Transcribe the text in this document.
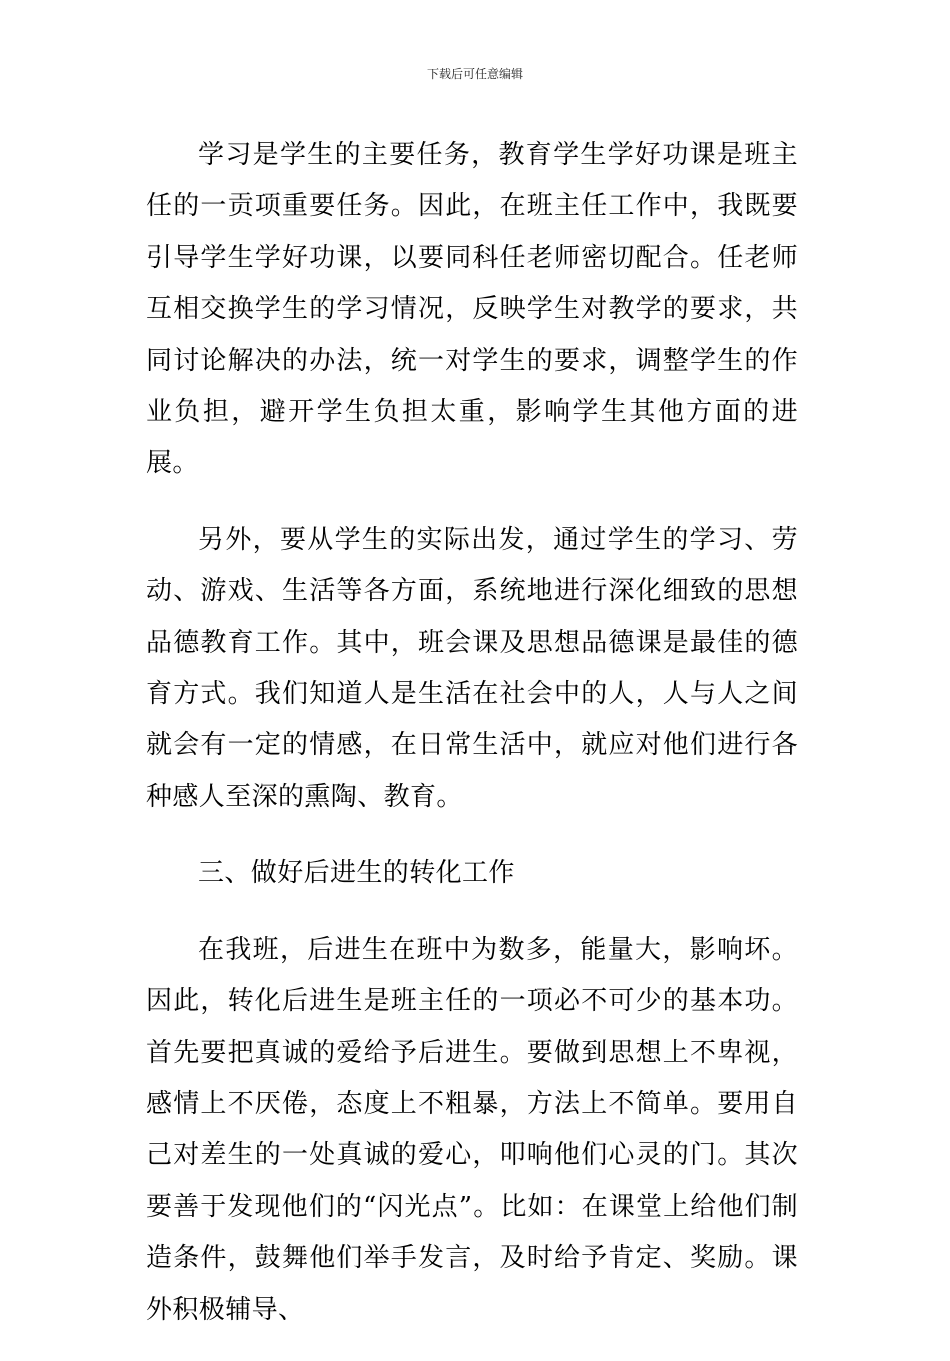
下载后可任意编辑

学习是学生的主要任务，教育学生学好功课是班主任的一贡项重要任务。因此，在班主任工作中，我既要引导学生学好功课，以要同科任老师密切配合。任老师互相交换学生的学习情况，反映学生对教学的要求，共同讨论解决的办法，统一对学生的要求，调整学生的作业负担，避开学生负担太重，影响学生其他方面的进展。

另外，要从学生的实际出发，通过学生的学习、劳动、游戏、生活等各方面，系统地进行深化细致的思想品德教育工作。其中，班会课及思想品德课是最佳的德育方式。我们知道人是生活在社会中的人，人与人之间就会有一定的情感，在日常生活中，就应对他们进行各种感人至深的熏陶、教育。

三、做好后进生的转化工作

在我班，后进生在班中为数多，能量大，影响坏。因此，转化后进生是班主任的一项必不可少的基本功。首先要把真诚的爱给予后进生。要做到思想上不卑视，感情上不厌倦，态度上不粗暴，方法上不简单。要用自己对差生的一处真诚的爱心，叩响他们心灵的门。其次要善于发现他们的“闪光点”。比如：在课堂上给他们制造条件，鼓舞他们举手发言，及时给予肯定、奖励。课外积极辅导、
